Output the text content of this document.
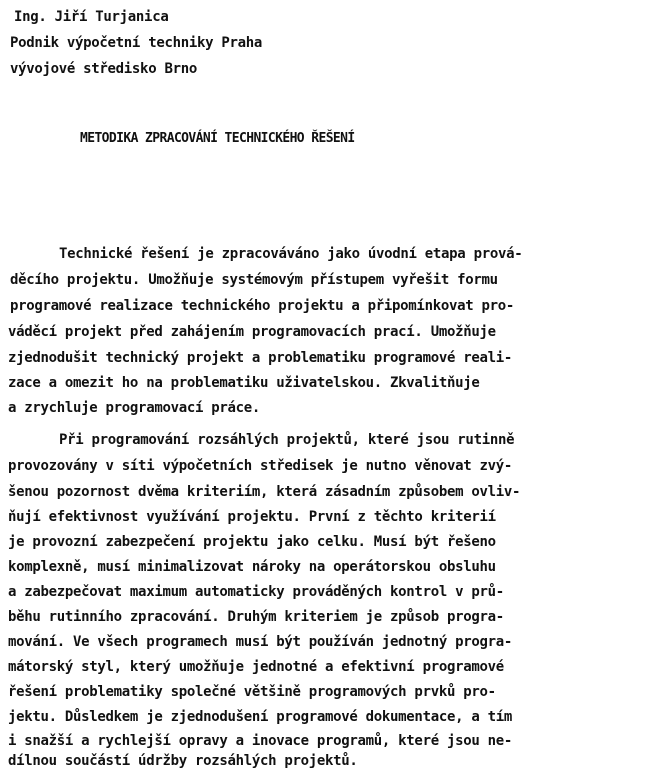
Ing. Jiří Turjanica
Podnik výpočetní techniky Praha
vývojové středisko Brno
METODIKA ZPRACOVÁNÍ TECHNICKÉHO ŘEŠENÍ
Technické řešení je zpracováváno jako úvodní etapa prová-
děcího projektu. Umožňuje systémovým přístupem vyřešit formu
programové realizace technického projektu a připomínkovat pro-
váděcí projekt před zahájením programovacích prací. Umožňuje
zjednodušit technický projekt a problematiku programové reali-
zace a omezit ho na problematiku uživatelskou. Zkvalitňuje
a zrychluje programovací práce.
Při programování rozsáhlých projektů, které jsou rutinně
provozovány v síti výpočetních středisek je nutno věnovat zvý-
šenou pozornost dvěma kriteriím, která zásadním způsobem ovliv-
ňují efektivnost využívání projektu. První z těchto kriterií
je provozní zabezpečení projektu jako celku. Musí být řešeno
komplexně, musí minimalizovat nároky na operátorskou obsluhu
a zabezpečovat maximum automaticky prováděných kontrol v prů-
běhu rutinního zpracování. Druhým kriteriem je způsob progra-
mování. Ve všech programech musí být používán jednotný progra-
mátorský styl, který umožňuje jednotné a efektivní programové
řešení problematiky společné většině programových prvků pro-
jektu. Důsledkem je zjednodušení programové dokumentace, a tím
i snažší a rychlejší opravy a inovace programů, které jsou ne-
dílnou součástí údržby rozsáhlých projektů.
